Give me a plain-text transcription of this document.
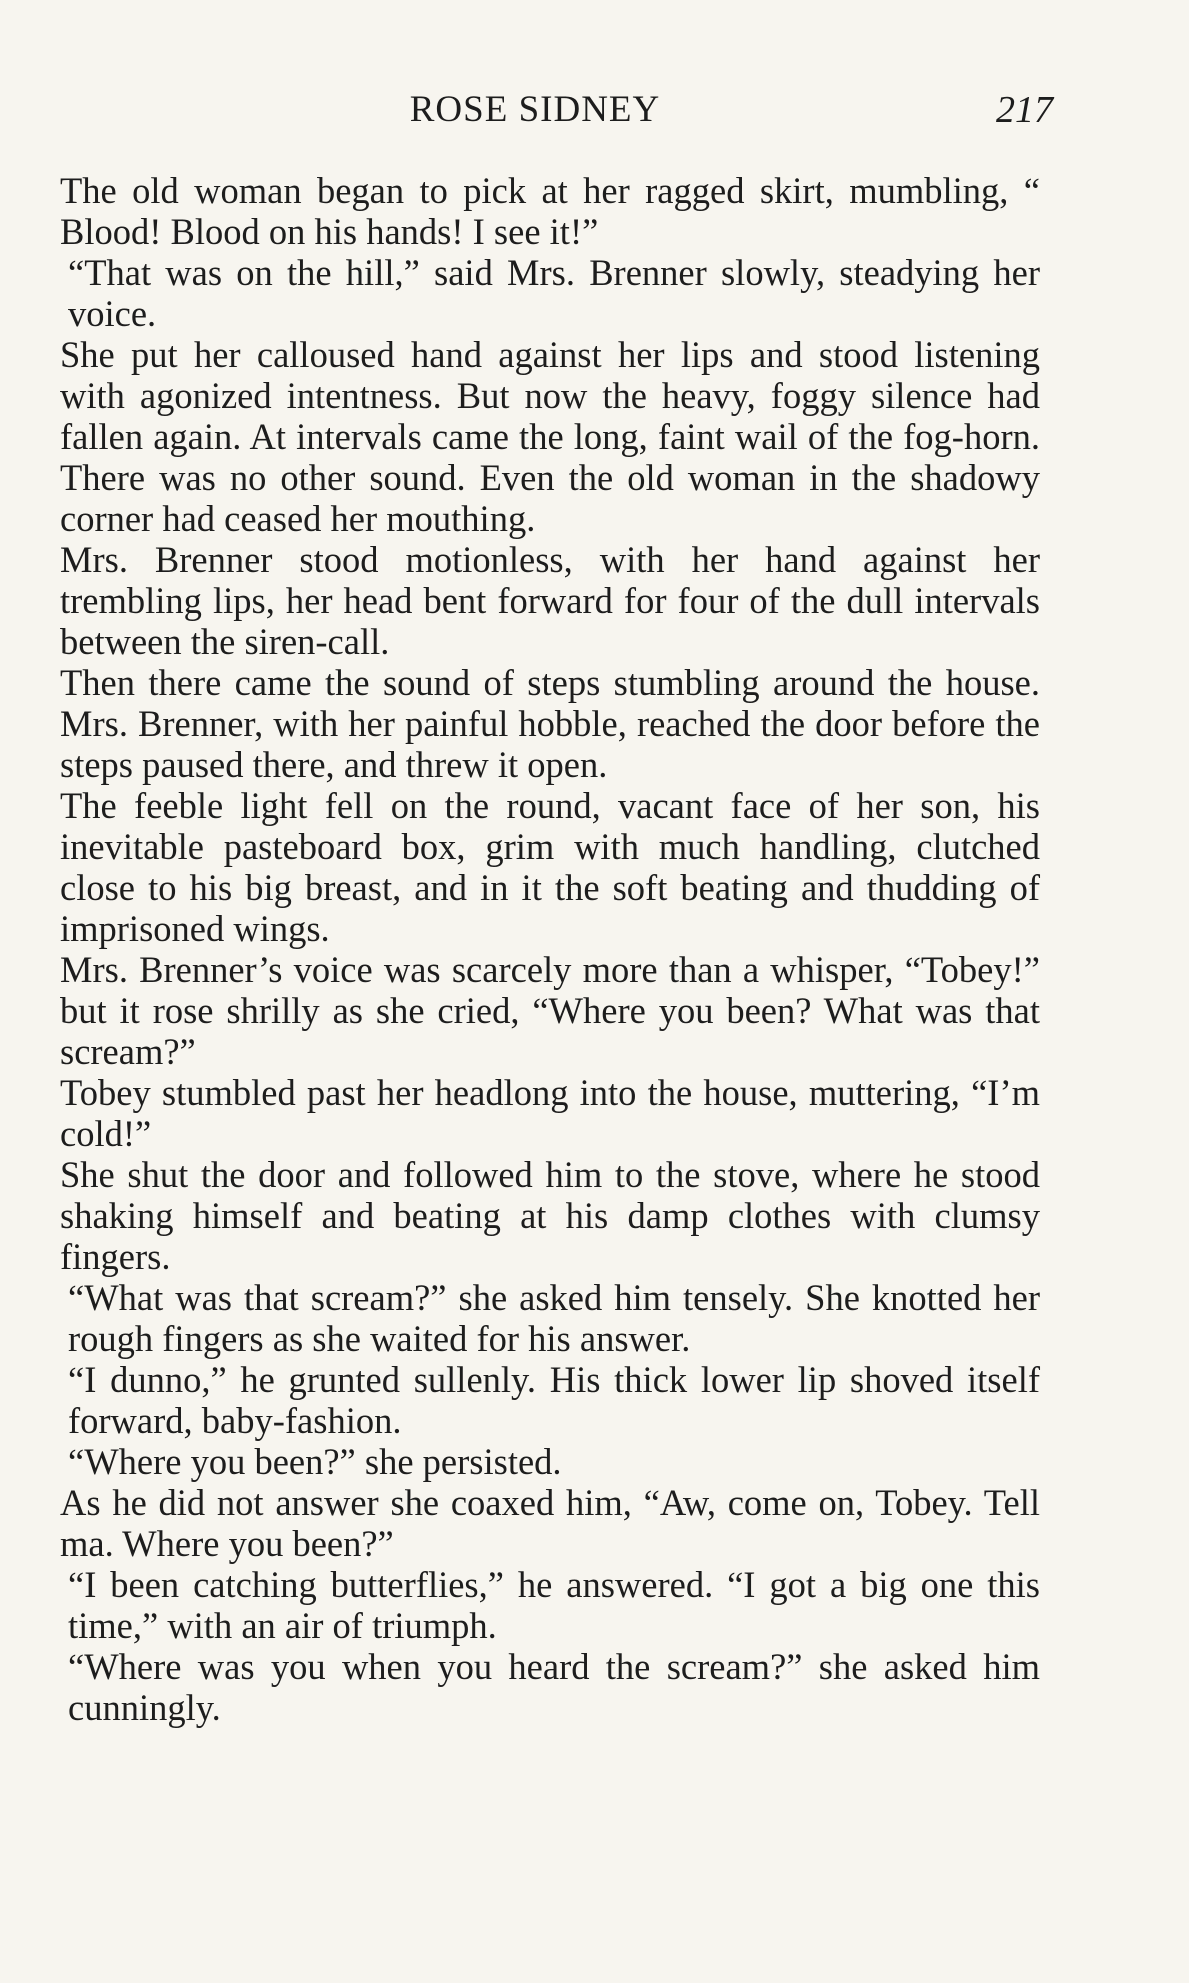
ROSE SIDNEY	217

The old woman began to pick at her ragged skirt, mumbling, “ Blood! Blood on his hands! I see it!”

“That was on the hill,” said Mrs. Brenner slowly, steadying her voice.

She put her calloused hand against her lips and stood listening with agonized intentness. But now the heavy, foggy silence had fallen again. At intervals came the long, faint wail of the fog-horn. There was no other sound. Even the old woman in the shadowy corner had ceased her mouthing.

Mrs. Brenner stood motionless, with her hand against her trembling lips, her head bent forward for four of the dull intervals between the siren-call.

Then there came the sound of steps stumbling around the house. Mrs. Brenner, with her painful hobble, reached the door before the steps paused there, and threw it open.

The feeble light fell on the round, vacant face of her son, his inevitable pasteboard box, grim with much handling, clutched close to his big breast, and in it the soft beating and thudding of imprisoned wings.

Mrs. Brenner’s voice was scarcely more than a whisper, “Tobey!” but it rose shrilly as she cried, “Where you been? What was that scream?”

Tobey stumbled past her headlong into the house, muttering, “I’m cold!”

She shut the door and followed him to the stove, where he stood shaking himself and beating at his damp clothes with clumsy fingers.

“What was that scream?” she asked him tensely. She knotted her rough fingers as she waited for his answer.

“I dunno,” he grunted sullenly. His thick lower lip shoved itself forward, baby-fashion.

“Where you been?” she persisted.

As he did not answer she coaxed him, “Aw, come on, Tobey. Tell ma. Where you been?”

“I been catching butterflies,” he answered. “I got a big one this time,” with an air of triumph.

“Where was you when you heard the scream?” she asked him cunningly.
